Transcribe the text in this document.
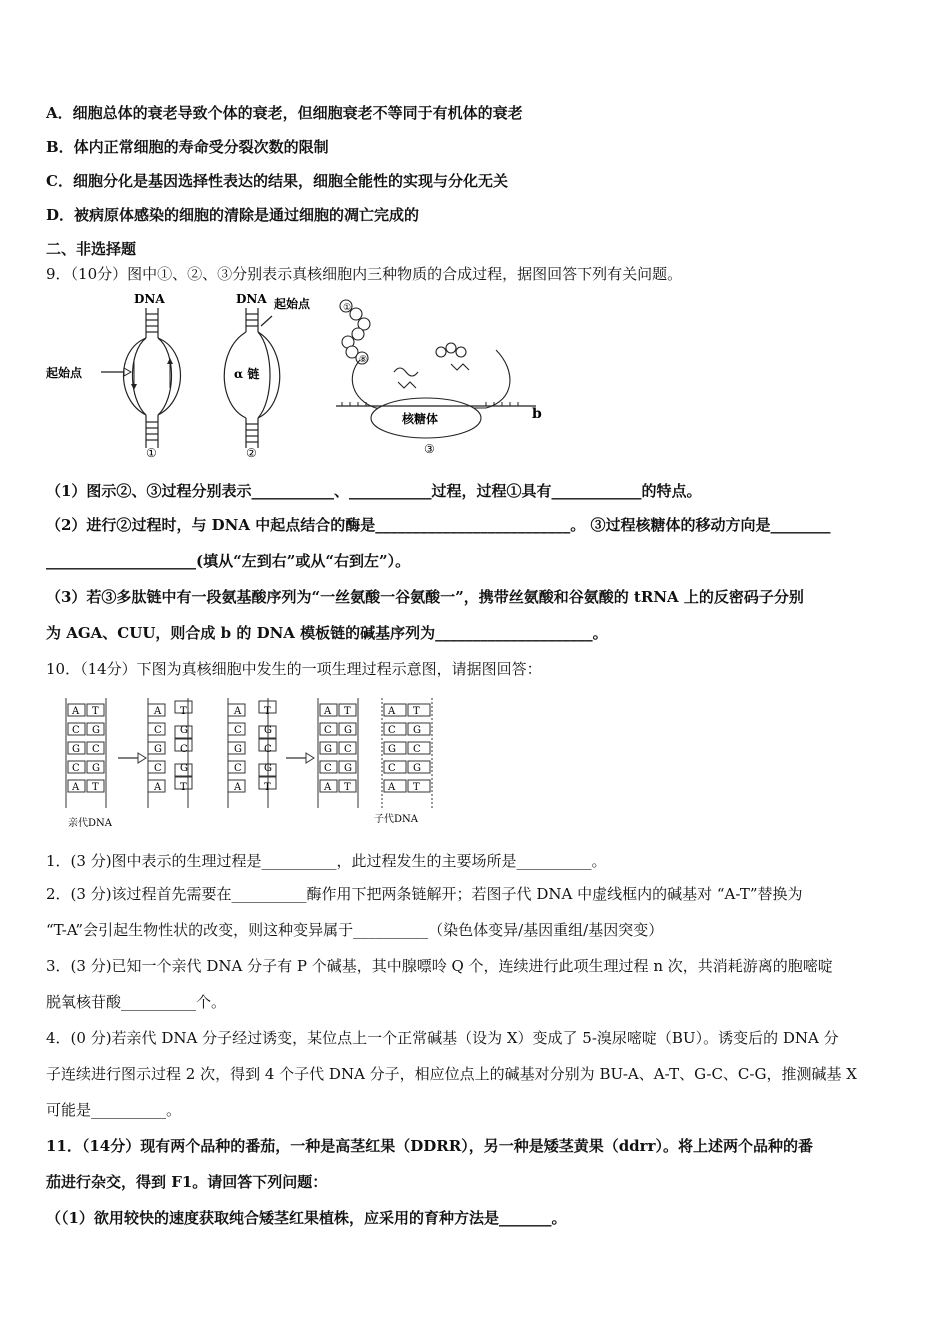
A．细胞总体的衰老导致个体的衰老，但细胞衰老不等同于有机体的衰老
B．体内正常细胞的寿命受分裂次数的限制
C．细胞分化是基因选择性表达的结果，细胞全能性的实现与分化无关
D．被病原体感染的细胞的清除是通过细胞的凋亡完成的
二、非选择题
9．（10分）图中①、②、③分别表示真核细胞内三种物质的合成过程，据图回答下列有关问题。
DNA
起始点
①
DNA 起始点
α 链
②
①
⑧
核糖体
③
b
（1）图示②、③过程分别表示___________、___________过程，过程①具有____________的特点。
（2）进行②过程时，与 DNA 中起点结合的酶是__________________________。 ③过程核糖体的移动方向是________
____________________(填从“左到右”或从“右到左”）。
（3）若③多肽链中有一段氨基酸序列为“一丝氨酸一谷氨酸一”，携带丝氨酸和谷氨酸的 tRNA 上的反密码子分别
为 AGA、CUU，则合成 b 的 DNA 模板链的碱基序列为_____________________。
10．（14分）下图为真核细胞中发生的一项生理过程示意图，请据图回答：
亲代DNA	子代DNA
A T
C G
G C
C G
A T
A T
C G
G C
C G
A T
A T
C G
G C
C G
A T
A T
C G
G C
C G
A T
A T
C G
G C
C G
A T
1．(3 分)图中表示的生理过程是__________，此过程发生的主要场所是__________。
2．(3 分)该过程首先需要在__________酶作用下把两条链解开；若图子代 DNA 中虚线框内的碱基对 “A-T”替换为
“T-A”会引起生物性状的改变，则这种变异属于__________（染色体变异/基因重组/基因突变）
3．(3 分)已知一个亲代 DNA 分子有 P 个碱基，其中腺嘌呤 Q 个，连续进行此项生理过程 n 次，共消耗游离的胞嘧啶
脱氧核苷酸__________个。
4．(0 分)若亲代 DNA 分子经过诱变，某位点上一个正常碱基（设为 X）变成了 5-溴尿嘧啶（BU）。诱变后的 DNA 分
子连续进行图示过程 2 次，得到 4 个子代 DNA 分子，相应位点上的碱基对分别为 BU-A、A-T、G-C、C-G，推测碱基 X
可能是__________。
11．（14分）现有两个品种的番茄，一种是高茎红果（DDRR），另一种是矮茎黄果（ddrr）。将上述两个品种的番
茄进行杂交，得到 F1。请回答下列问题：
（（1）欲用较快的速度获取纯合矮茎红果植株，应采用的育种方法是_______。
